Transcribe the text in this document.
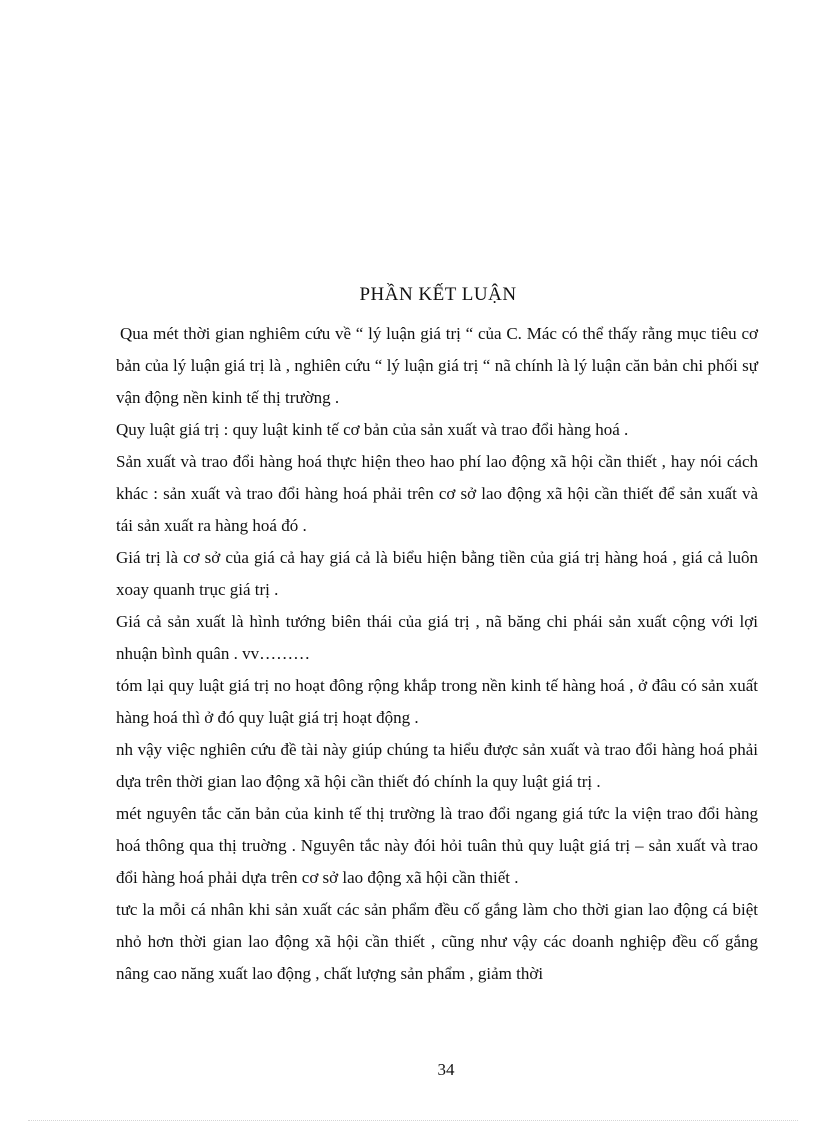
PHẦN KẾT LUẬN

Qua mét thời gian nghiêm cứu về “ lý luận giá trị “ của C. Mác có thể thấy rằng mục tiêu cơ bản của lý luận giá trị là , nghiên cứu “ lý luận giá trị “ nã chính là lý luận căn bản chi phối sự vận động nền kinh tế thị trường .

Quy luật giá trị : quy luật kinh tế cơ bản của sản xuất và trao đổi hàng hoá .

Sản xuất và trao đổi hàng hoá thực hiện theo hao phí lao động xã hội cần thiết , hay nói cách khác : sản xuất và trao đổi hàng hoá phải trên cơ sở lao động xã hội cần thiết để sản xuất và tái sản xuất ra hàng hoá đó .

Giá trị là cơ sở của giá cả hay giá cả là biểu hiện bằng tiền của giá trị hàng hoá , giá cả luôn xoay quanh trục giá trị .

Giá cả sản xuất là hình tướng biên thái của giá trị , nã băng chi phái sản xuất cộng với lợi nhuận bình quân . vv………

tóm lại quy luật giá trị no hoạt đông rộng khắp trong nền kinh tế hàng hoá , ở đâu có sản xuất hàng hoá thì ở đó quy luật giá trị hoạt động .

nh vậy việc nghiên cứu đề tài này giúp chúng ta hiểu được sản xuất và trao đổi hàng hoá phải dựa trên thời gian lao động xã hội cần thiết đó chính la quy luật giá trị .

mét nguyên tắc căn bản của kinh tế thị trường là trao đổi ngang giá tức la viện trao đổi hàng hoá thông qua thị truờng . Nguyên tắc này đói hỏi tuân thủ quy luật giá trị – sản xuất và trao đổi hàng hoá phải dựa trên cơ sở lao động xã hội cần thiết .

tưc la mỗi cá nhân khi sản xuất các sản phẩm đều cố gắng làm cho thời gian lao động cá biệt nhỏ hơn thời gian lao động xã hội cần thiết , cũng như vậy các doanh nghiệp đều cố gắng nâng cao năng xuất lao động , chất lượng sản phẩm , giảm thời

34
